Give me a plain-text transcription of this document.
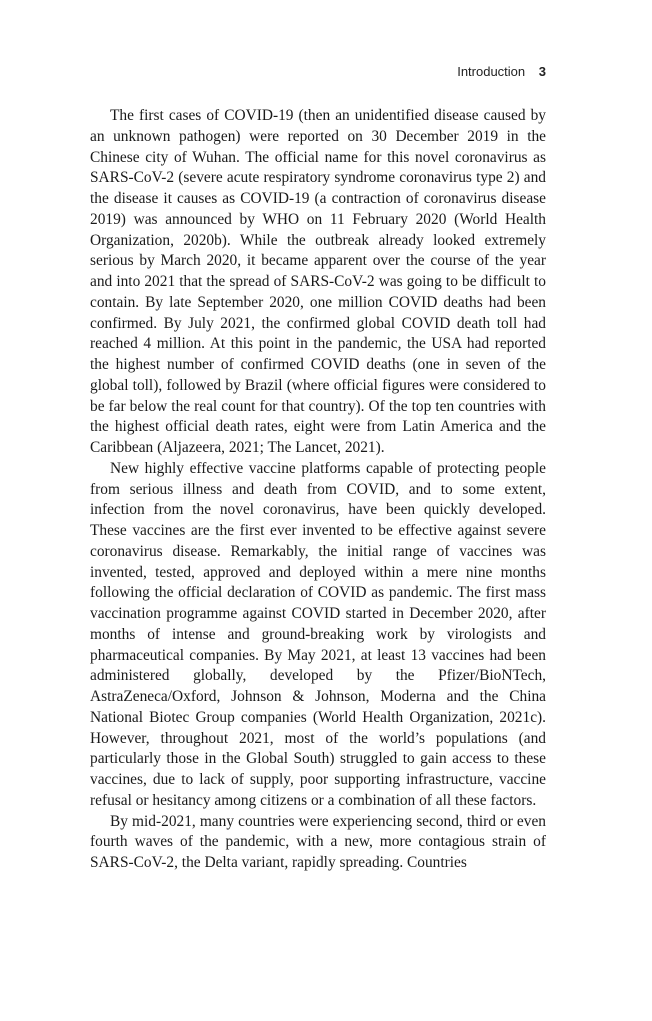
Introduction 3

The first cases of COVID-19 (then an unidentified disease caused by an unknown pathogen) were reported on 30 December 2019 in the Chinese city of Wuhan. The official name for this novel coronavirus as SARS-CoV-2 (severe acute respiratory syndrome coronavirus type 2) and the disease it causes as COVID-19 (a contraction of coronavirus disease 2019) was announced by WHO on 11 February 2020 (World Health Organization, 2020b). While the outbreak already looked extremely serious by March 2020, it became apparent over the course of the year and into 2021 that the spread of SARS-CoV-2 was going to be difficult to contain. By late September 2020, one million COVID deaths had been confirmed. By July 2021, the confirmed global COVID death toll had reached 4 million. At this point in the pandemic, the USA had reported the highest number of confirmed COVID deaths (one in seven of the global toll), followed by Brazil (where official figures were considered to be far below the real count for that country). Of the top ten countries with the highest official death rates, eight were from Latin America and the Caribbean (Aljazeera, 2021; The Lancet, 2021).

New highly effective vaccine platforms capable of protecting people from serious illness and death from COVID, and to some extent, infection from the novel coronavirus, have been quickly developed. These vaccines are the first ever invented to be effective against severe coronavirus disease. Remarkably, the initial range of vaccines was invented, tested, approved and deployed within a mere nine months following the official declaration of COVID as pandemic. The first mass vaccination programme against COVID started in December 2020, after months of intense and ground-breaking work by virologists and pharmaceutical companies. By May 2021, at least 13 vaccines had been administered globally, developed by the Pfizer/BioNTech, AstraZeneca/Oxford, Johnson & Johnson, Moderna and the China National Biotec Group companies (World Health Organization, 2021c). However, throughout 2021, most of the world’s populations (and particularly those in the Global South) struggled to gain access to these vaccines, due to lack of supply, poor supporting infrastructure, vaccine refusal or hesitancy among citizens or a combination of all these factors.

By mid-2021, many countries were experiencing second, third or even fourth waves of the pandemic, with a new, more contagious strain of SARS-CoV-2, the Delta variant, rapidly spreading. Countries
